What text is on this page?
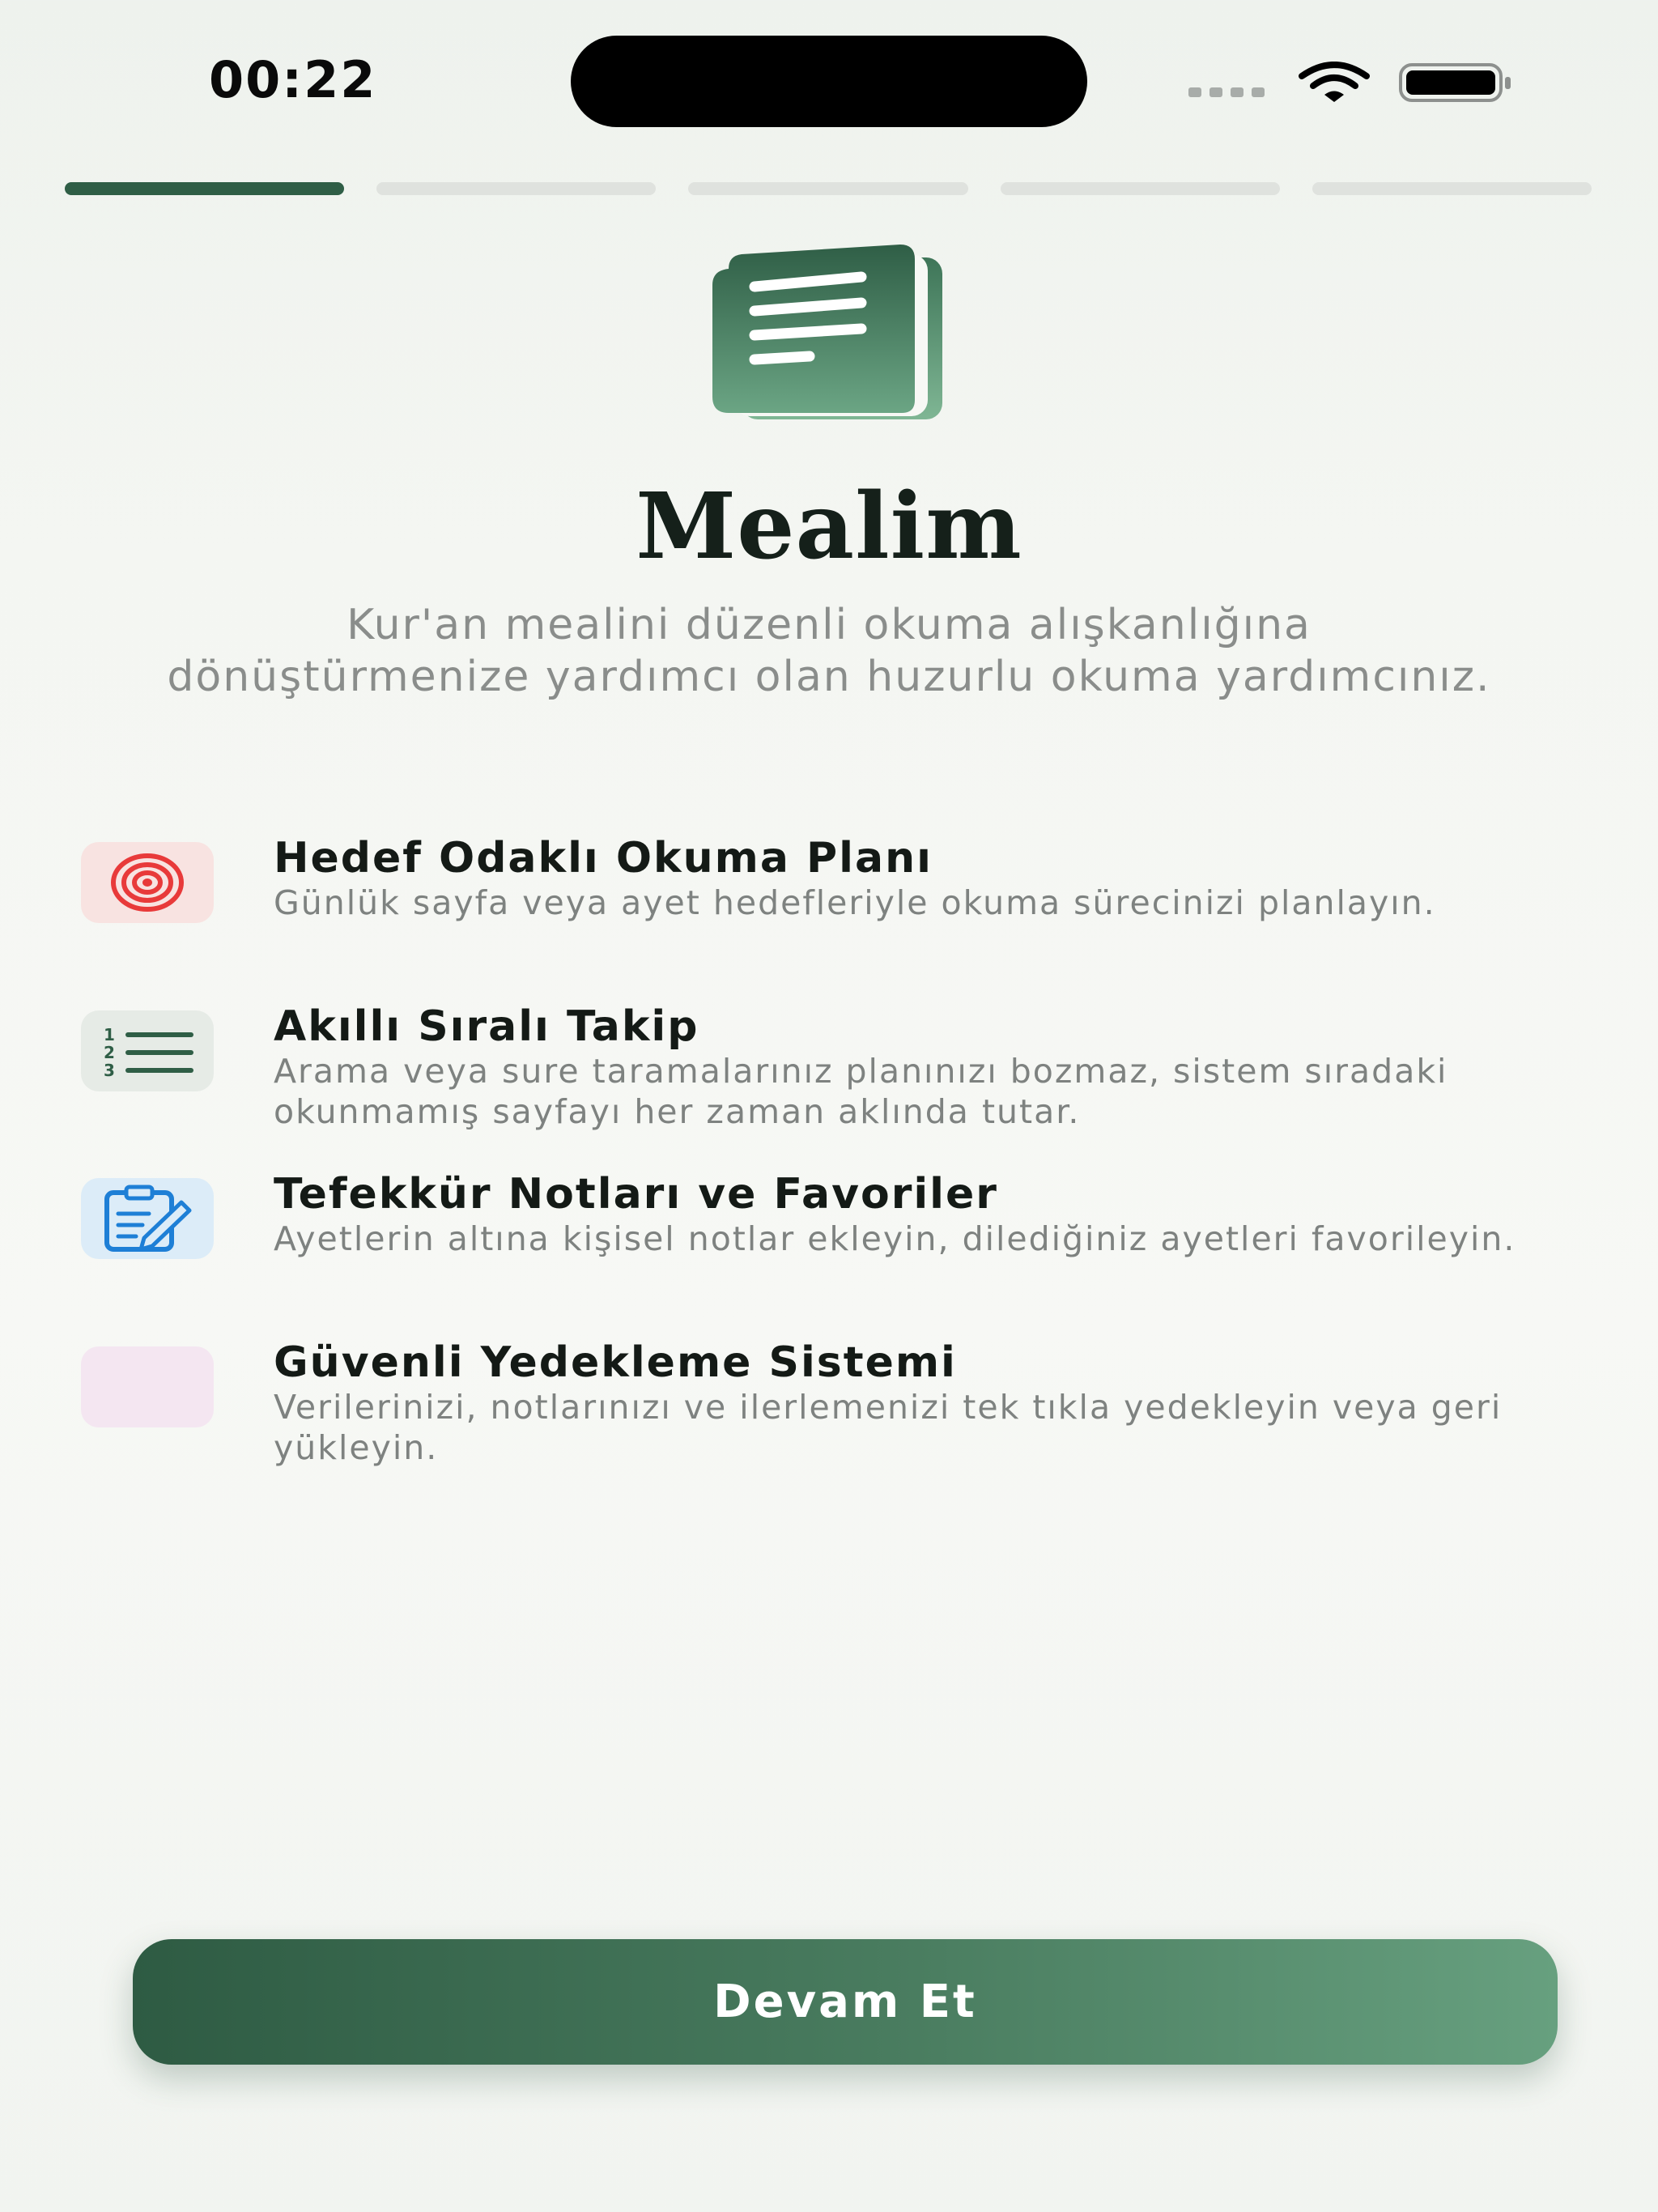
00:22
Mealim
Kur'an mealini düzenli okuma alışkanlığına dönüştürmenize yardımcı olan huzurlu okuma yardımcınız.
Hedef Odaklı Okuma Planı
Günlük sayfa veya ayet hedefleriyle okuma sürecinizi planlayın.
1
2
3
Akıllı Sıralı Takip
Arama veya sure taramalarınız planınızı bozmaz, sistem sıradaki okunmamış sayfayı her zaman aklında tutar.
Tefekkür Notları ve Favoriler
Ayetlerin altına kişisel notlar ekleyin, dilediğiniz ayetleri favorileyin.
Güvenli Yedekleme Sistemi
Verilerinizi, notlarınızı ve ilerlemenizi tek tıkla yedekleyin veya geri yükleyin.
Devam Et
